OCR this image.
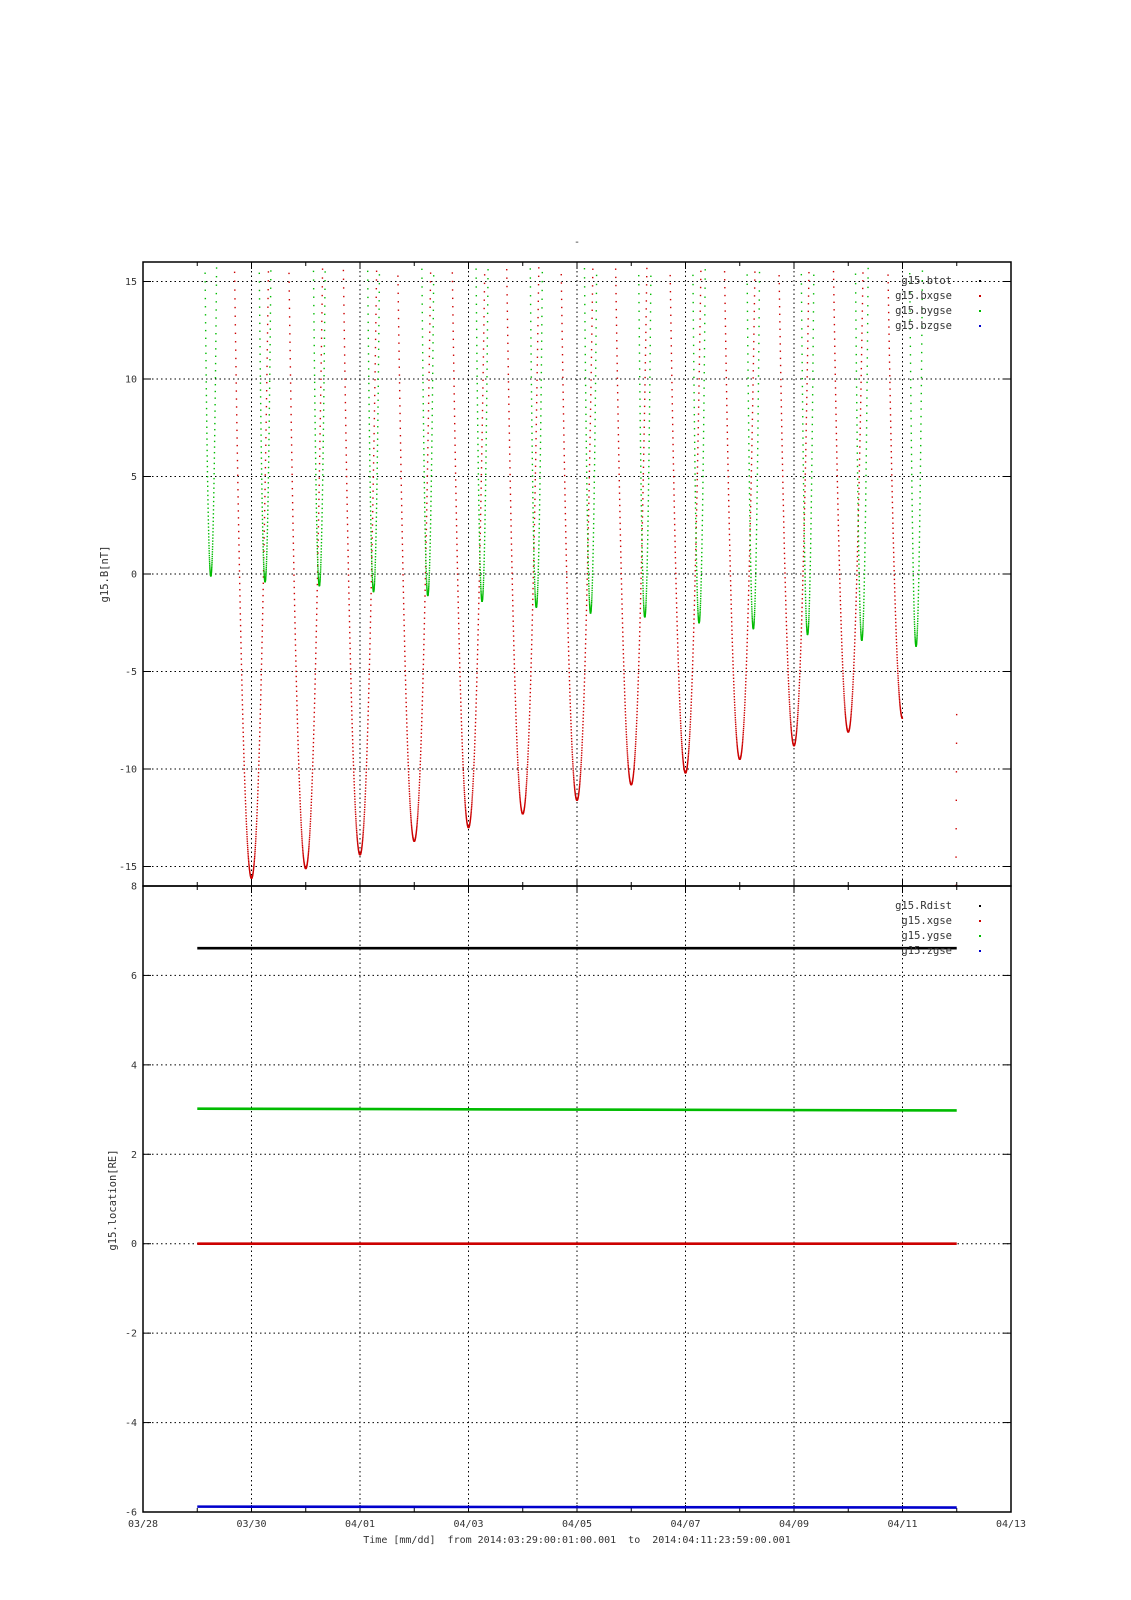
-
-15
-10
-5
0
5
10
15
g15.B[nT]
g15.btot
g15.bxgse
g15.bygse
g15.bzgse
-6
-4
-2
0
2
4
6
8
g15.location[RE]
g15.Rdist
g15.xgse
g15.ygse
g15.zgse
03/28	03/30	04/01	04/03	04/05	04/07	04/09	04/11	04/13
Time [mm/dd]  from 2014:03:29:00:01:00.001  to  2014:04:11:23:59:00.001
